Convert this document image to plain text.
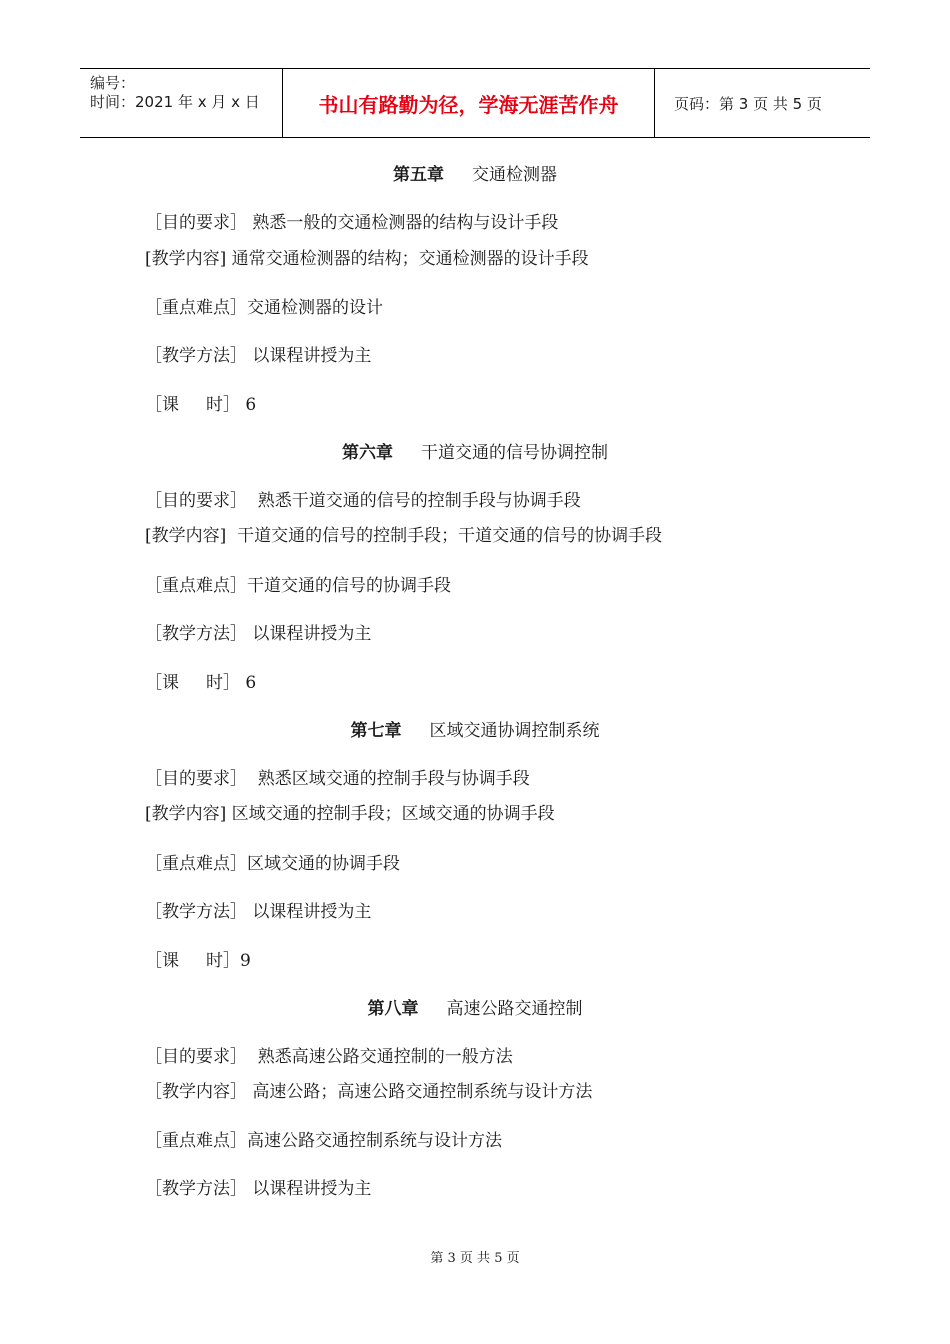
编号：
时间：2021 年 x 月 x 日	书山有路勤为径，学海无涯苦作舟	页码：第 3 页 共 5 页
第五章 交通检测器
［目的要求］ 熟悉一般的交通检测器的结构与设计手段
[教学内容] 通常交通检测器的结构；交通检测器的设计手段
［重点难点］交通检测器的设计
［教学方法］ 以课程讲授为主
［课     时］ 6
第六章 干道交通的信号协调控制
［目的要求］  熟悉干道交通的信号的控制手段与协调手段
[教学内容]  干道交通的信号的控制手段；干道交通的信号的协调手段
［重点难点］干道交通的信号的协调手段
［教学方法］ 以课程讲授为主
［课     时］ 6
第七章 区域交通协调控制系统
［目的要求］  熟悉区域交通的控制手段与协调手段
[教学内容] 区域交通的控制手段；区域交通的协调手段
［重点难点］区域交通的协调手段
［教学方法］ 以课程讲授为主
［课     时］9
第八章 高速公路交通控制
［目的要求］  熟悉高速公路交通控制的一般方法
［教学内容］ 高速公路；高速公路交通控制系统与设计方法
［重点难点］高速公路交通控制系统与设计方法
［教学方法］ 以课程讲授为主
第 3 页 共 5 页
